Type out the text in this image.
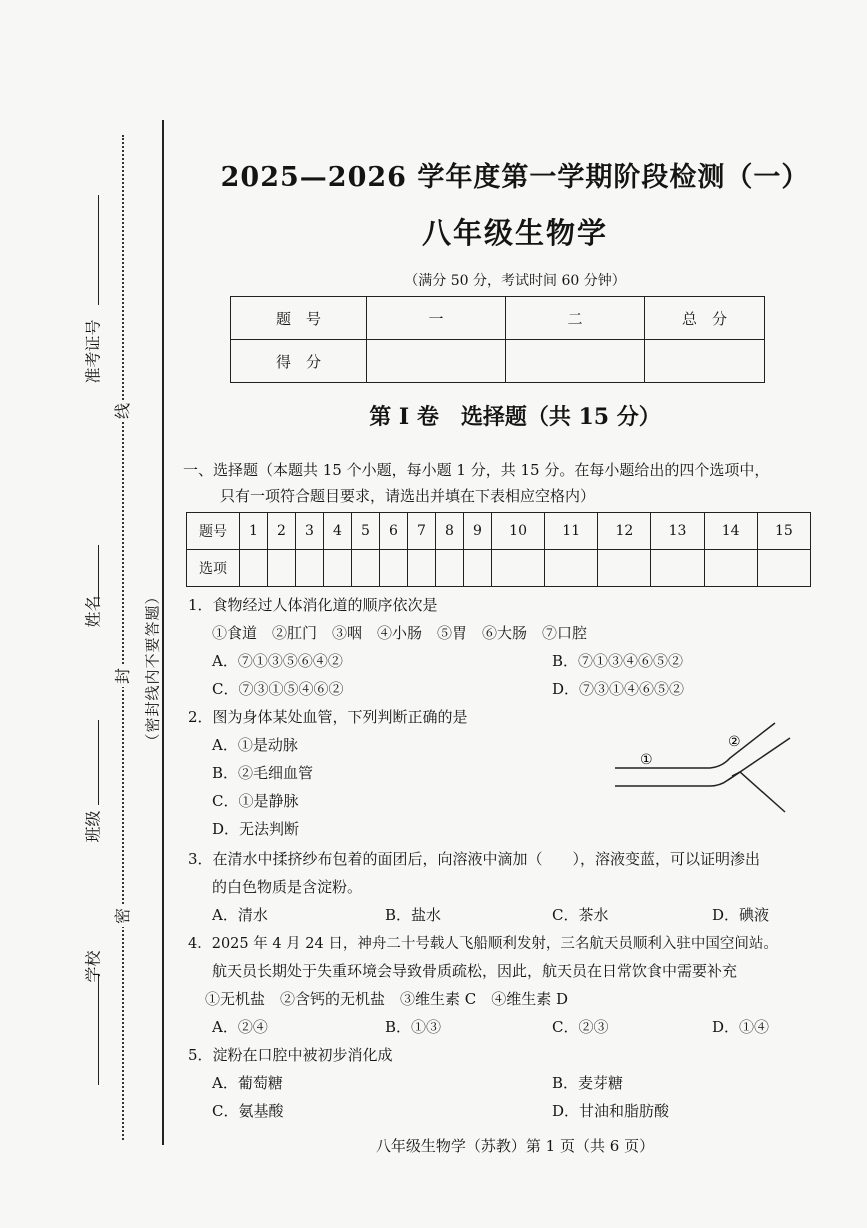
准考证号
姓名
班级
学校
线
封
密
（密封线内不要答题）
2025—2026 学年度第一学期阶段检测（一）
八年级生物学
（满分 50 分，考试时间 60 分钟）
题　号	一	二	总　分
得　分			
第 I 卷　选择题（共 15 分）
一、选择题（本题共 15 个小题，每小题 1 分，共 15 分。在每小题给出的四个选项中，
只有一项符合题目要求，请选出并填在下表相应空格内）
题号	1	2	3	4	5	6	7	8	9	10	11	12	13	14	15
选项															
1．食物经过人体消化道的顺序依次是
①食道　②肛门　③咽　④小肠　⑤胃　⑥大肠　⑦口腔
A．⑦①③⑤⑥④②	B．⑦①③④⑥⑤②
C．⑦③①⑤④⑥②	D．⑦③①④⑥⑤②
2．图为身体某处血管，下列判断正确的是
A．①是动脉
B．②毛细血管
C．①是静脉
D．无法判断
①
②
3．在清水中揉挤纱布包着的面团后，向溶液中滴加（　　），溶液变蓝，可以证明渗出
的白色物质是含淀粉。
A．清水	B．盐水	C．茶水	D．碘液
4．2025 年 4 月 24 日，神舟二十号载人飞船顺利发射，三名航天员顺利入驻中国空间站。
航天员长期处于失重环境会导致骨质疏松，因此，航天员在日常饮食中需要补充
①无机盐　②含钙的无机盐　③维生素 C　④维生素 D
A．②④	B．①③	C．②③	D．①④
5．淀粉在口腔中被初步消化成
A．葡萄糖	B．麦芽糖
C．氨基酸	D．甘油和脂肪酸
八年级生物学（苏教）第 1 页（共 6 页）
